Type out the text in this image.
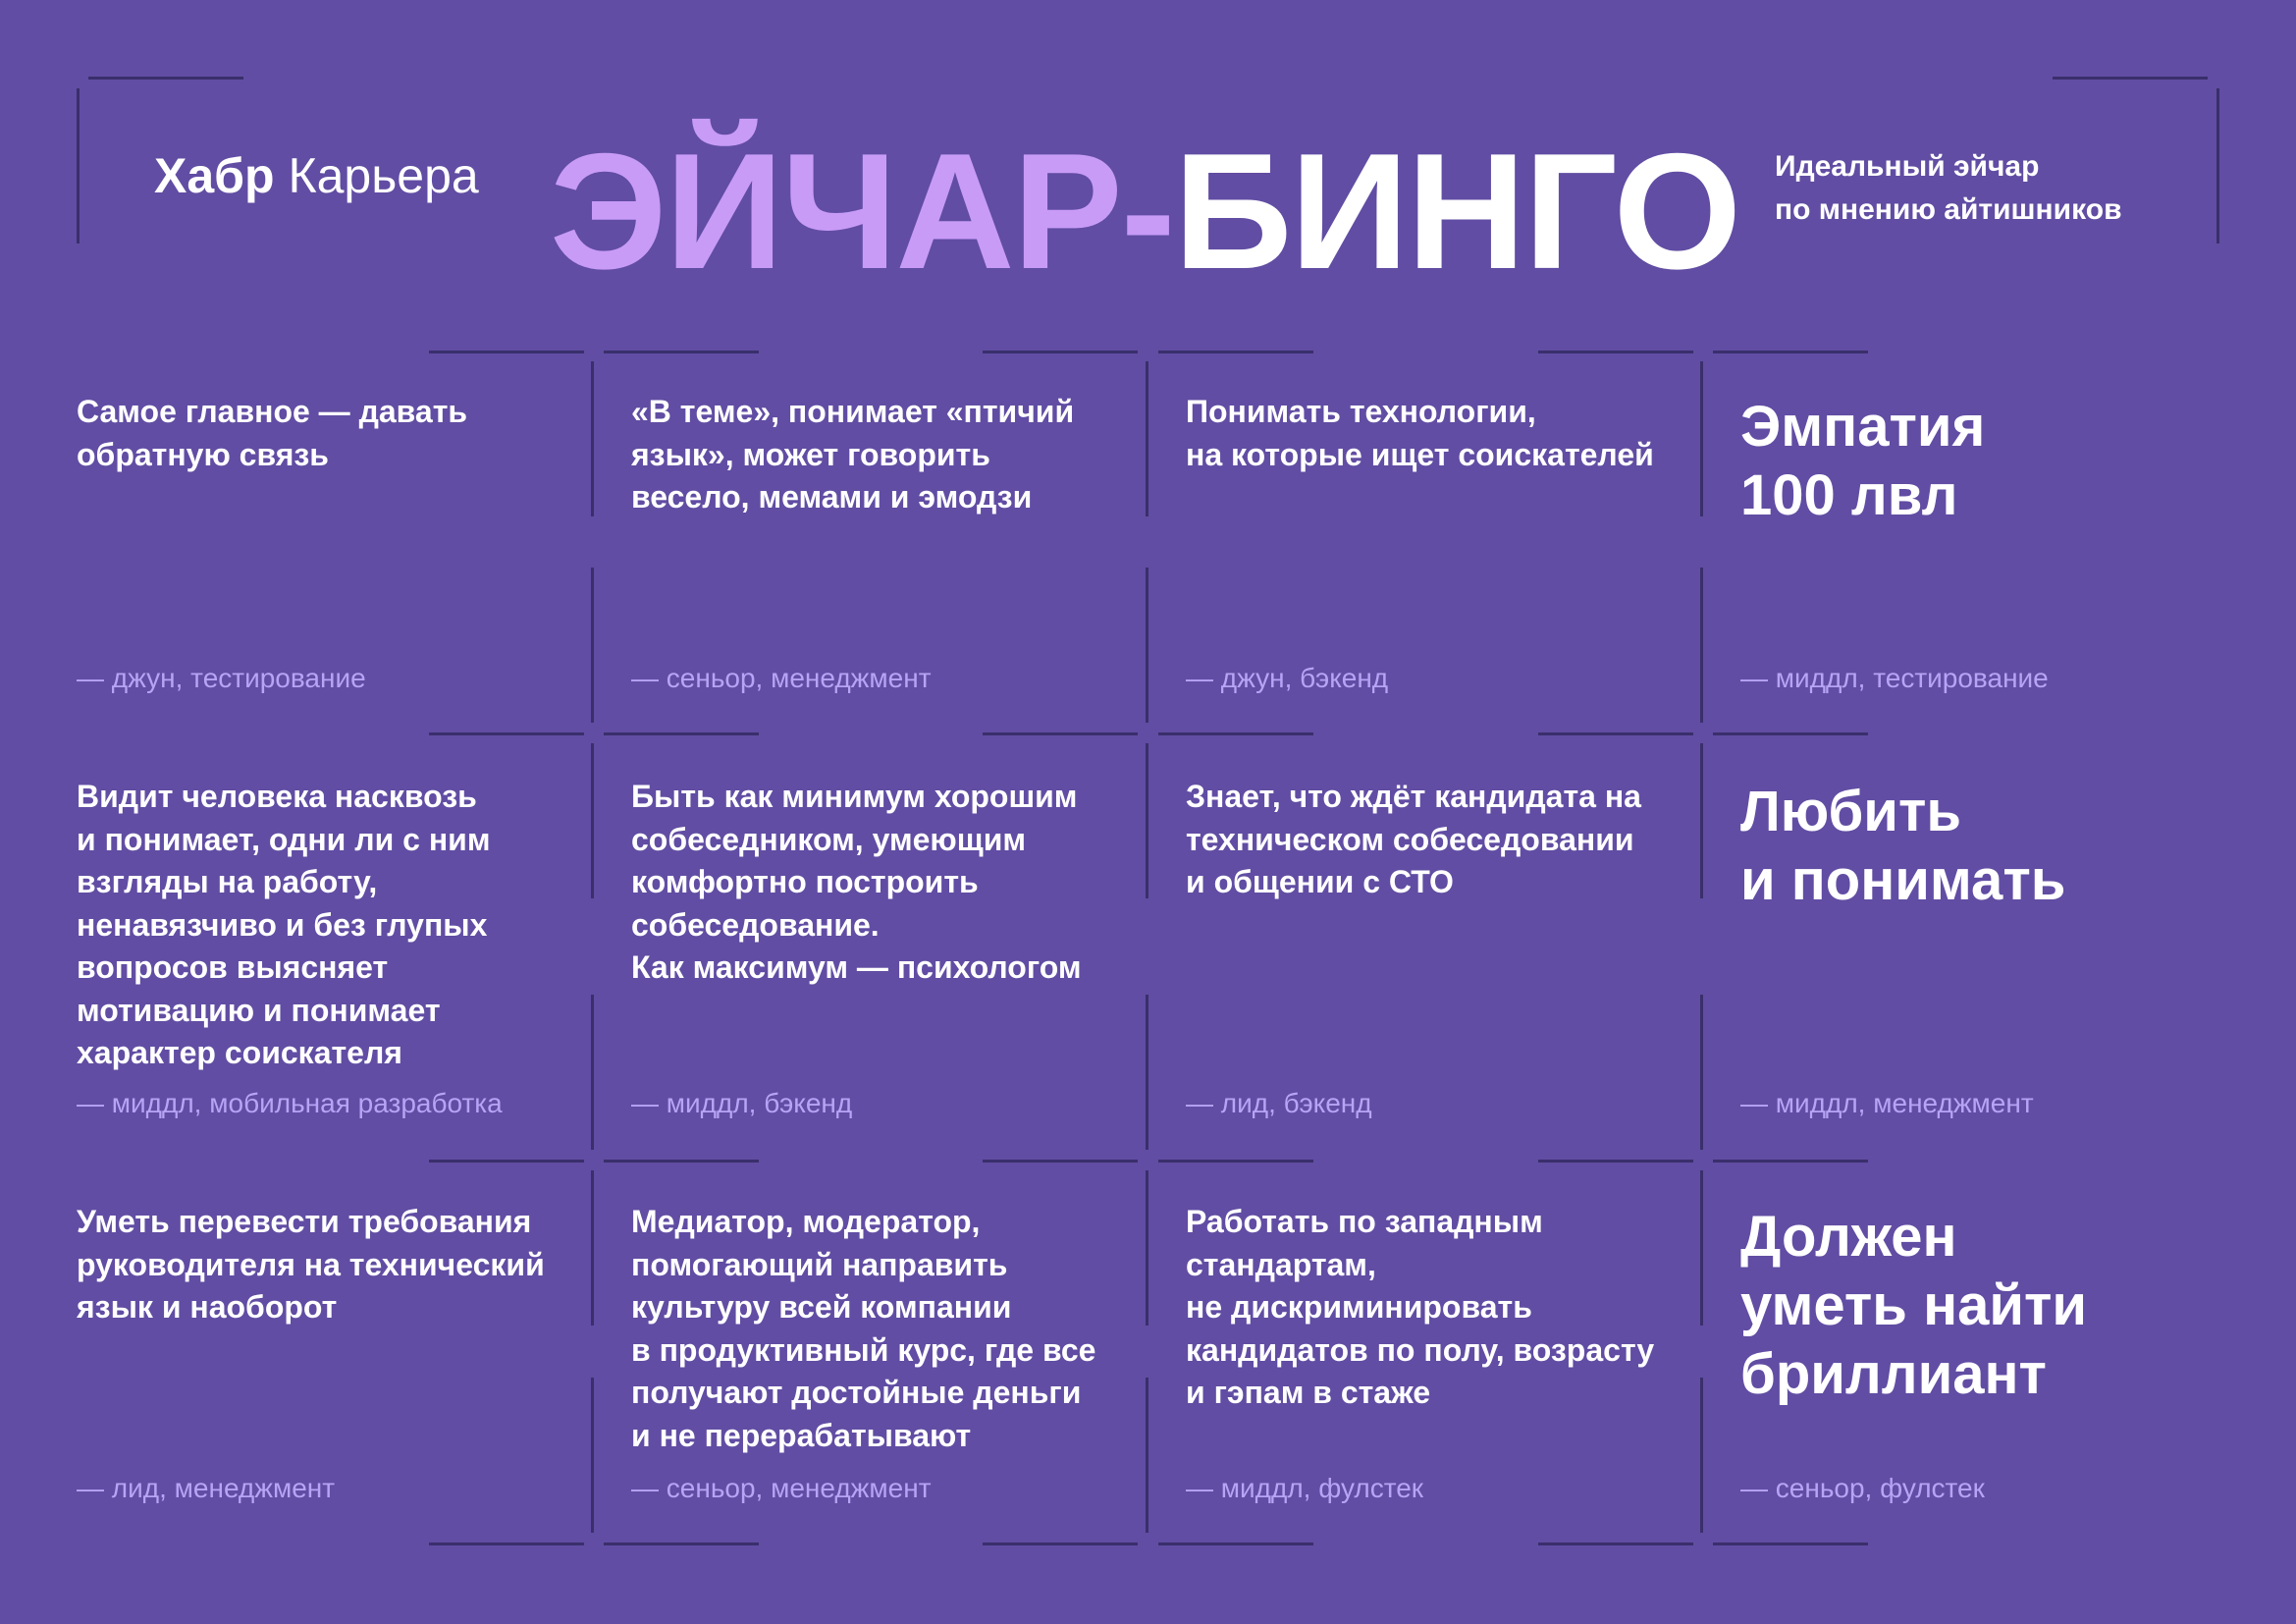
Хабр Карьера ЭЙЧАР-БИНГО Идеальный эйчар
по мнению айтишников
Самое главное — давать
обратную связь
— джун, тестирование
«В теме», понимает «птичий
язык», может говорить
весело, мемами и эмодзи
— сеньор, менеджмент
Понимать технологии,
на которые ищет соискателей
— джун, бэкенд
Эмпатия
100 лвл
— миддл, тестирование
Видит человека насквозь
и понимает, одни ли с ним
взгляды на работу,
ненавязчиво и без глупых
вопросов выясняет
мотивацию и понимает
характер соискателя
— миддл, мобильная разработка
Быть как минимум хорошим
собеседником, умеющим
комфортно построить
собеседование.
Как максимум — психологом
— миддл, бэкенд
Знает, что ждёт кандидата на
техническом собеседовании
и общении с СТО
— лид, бэкенд
Любить
и понимать
— миддл, менеджмент
Уметь перевести требования
руководителя на технический
язык и наоборот
— лид, менеджмент
Медиатор, модератор,
помогающий направить
культуру всей компании
в продуктивный курс, где все
получают достойные деньги
и не перерабатывают
— сеньор, менеджмент
Работать по западным
стандартам,
не дискриминировать
кандидатов по полу, возрасту
и гэпам в стаже
— миддл, фулстек
Должен
уметь найти
бриллиант
— сеньор, фулстек
